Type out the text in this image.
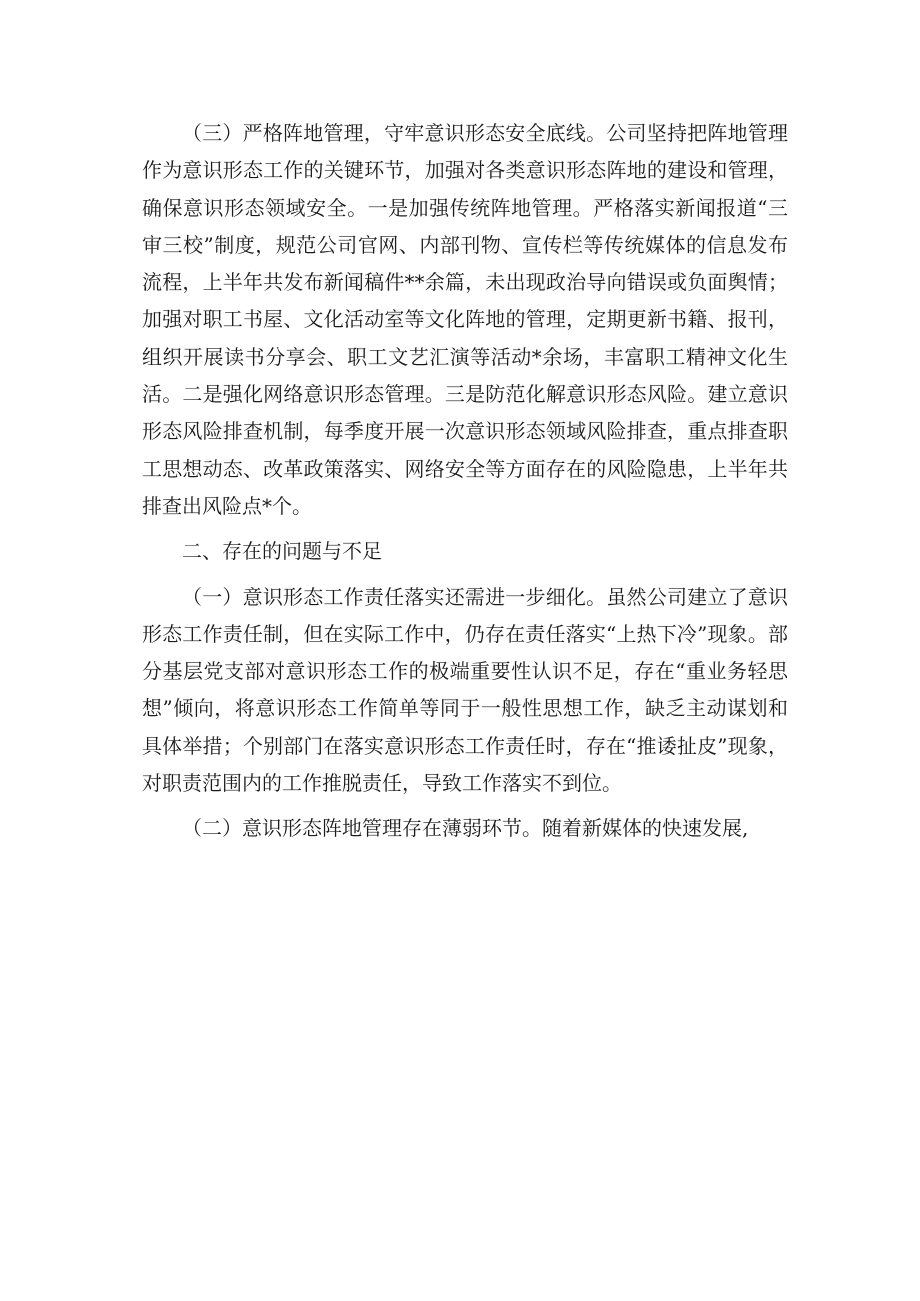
（三）严格阵地管理，守牢意识形态安全底线。公司坚持把阵地管理作为意识形态工作的关键环节，加强对各类意识形态阵地的建设和管理，确保意识形态领域安全。一是加强传统阵地管理。严格落实新闻报道“三审三校”制度，规范公司官网、内部刊物、宣传栏等传统媒体的信息发布流程，上半年共发布新闻稿件**余篇，未出现政治导向错误或负面舆情；加强对职工书屋、文化活动室等文化阵地的管理，定期更新书籍、报刊，组织开展读书分享会、职工文艺汇演等活动*余场，丰富职工精神文化生活。二是强化网络意识形态管理。三是防范化解意识形态风险。建立意识形态风险排查机制，每季度开展一次意识形态领域风险排查，重点排查职工思想动态、改革政策落实、网络安全等方面存在的风险隐患，上半年共排查出风险点*个。

二、存在的问题与不足

（一）意识形态工作责任落实还需进一步细化。虽然公司建立了意识形态工作责任制，但在实际工作中，仍存在责任落实“上热下冷”现象。部分基层党支部对意识形态工作的极端重要性认识不足，存在“重业务轻思想”倾向，将意识形态工作简单等同于一般性思想工作，缺乏主动谋划和具体举措；个别部门在落实意识形态工作责任时，存在“推诿扯皮”现象，对职责范围内的工作推脱责任，导致工作落实不到位。

（二）意识形态阵地管理存在薄弱环节。随着新媒体的快速发展,
